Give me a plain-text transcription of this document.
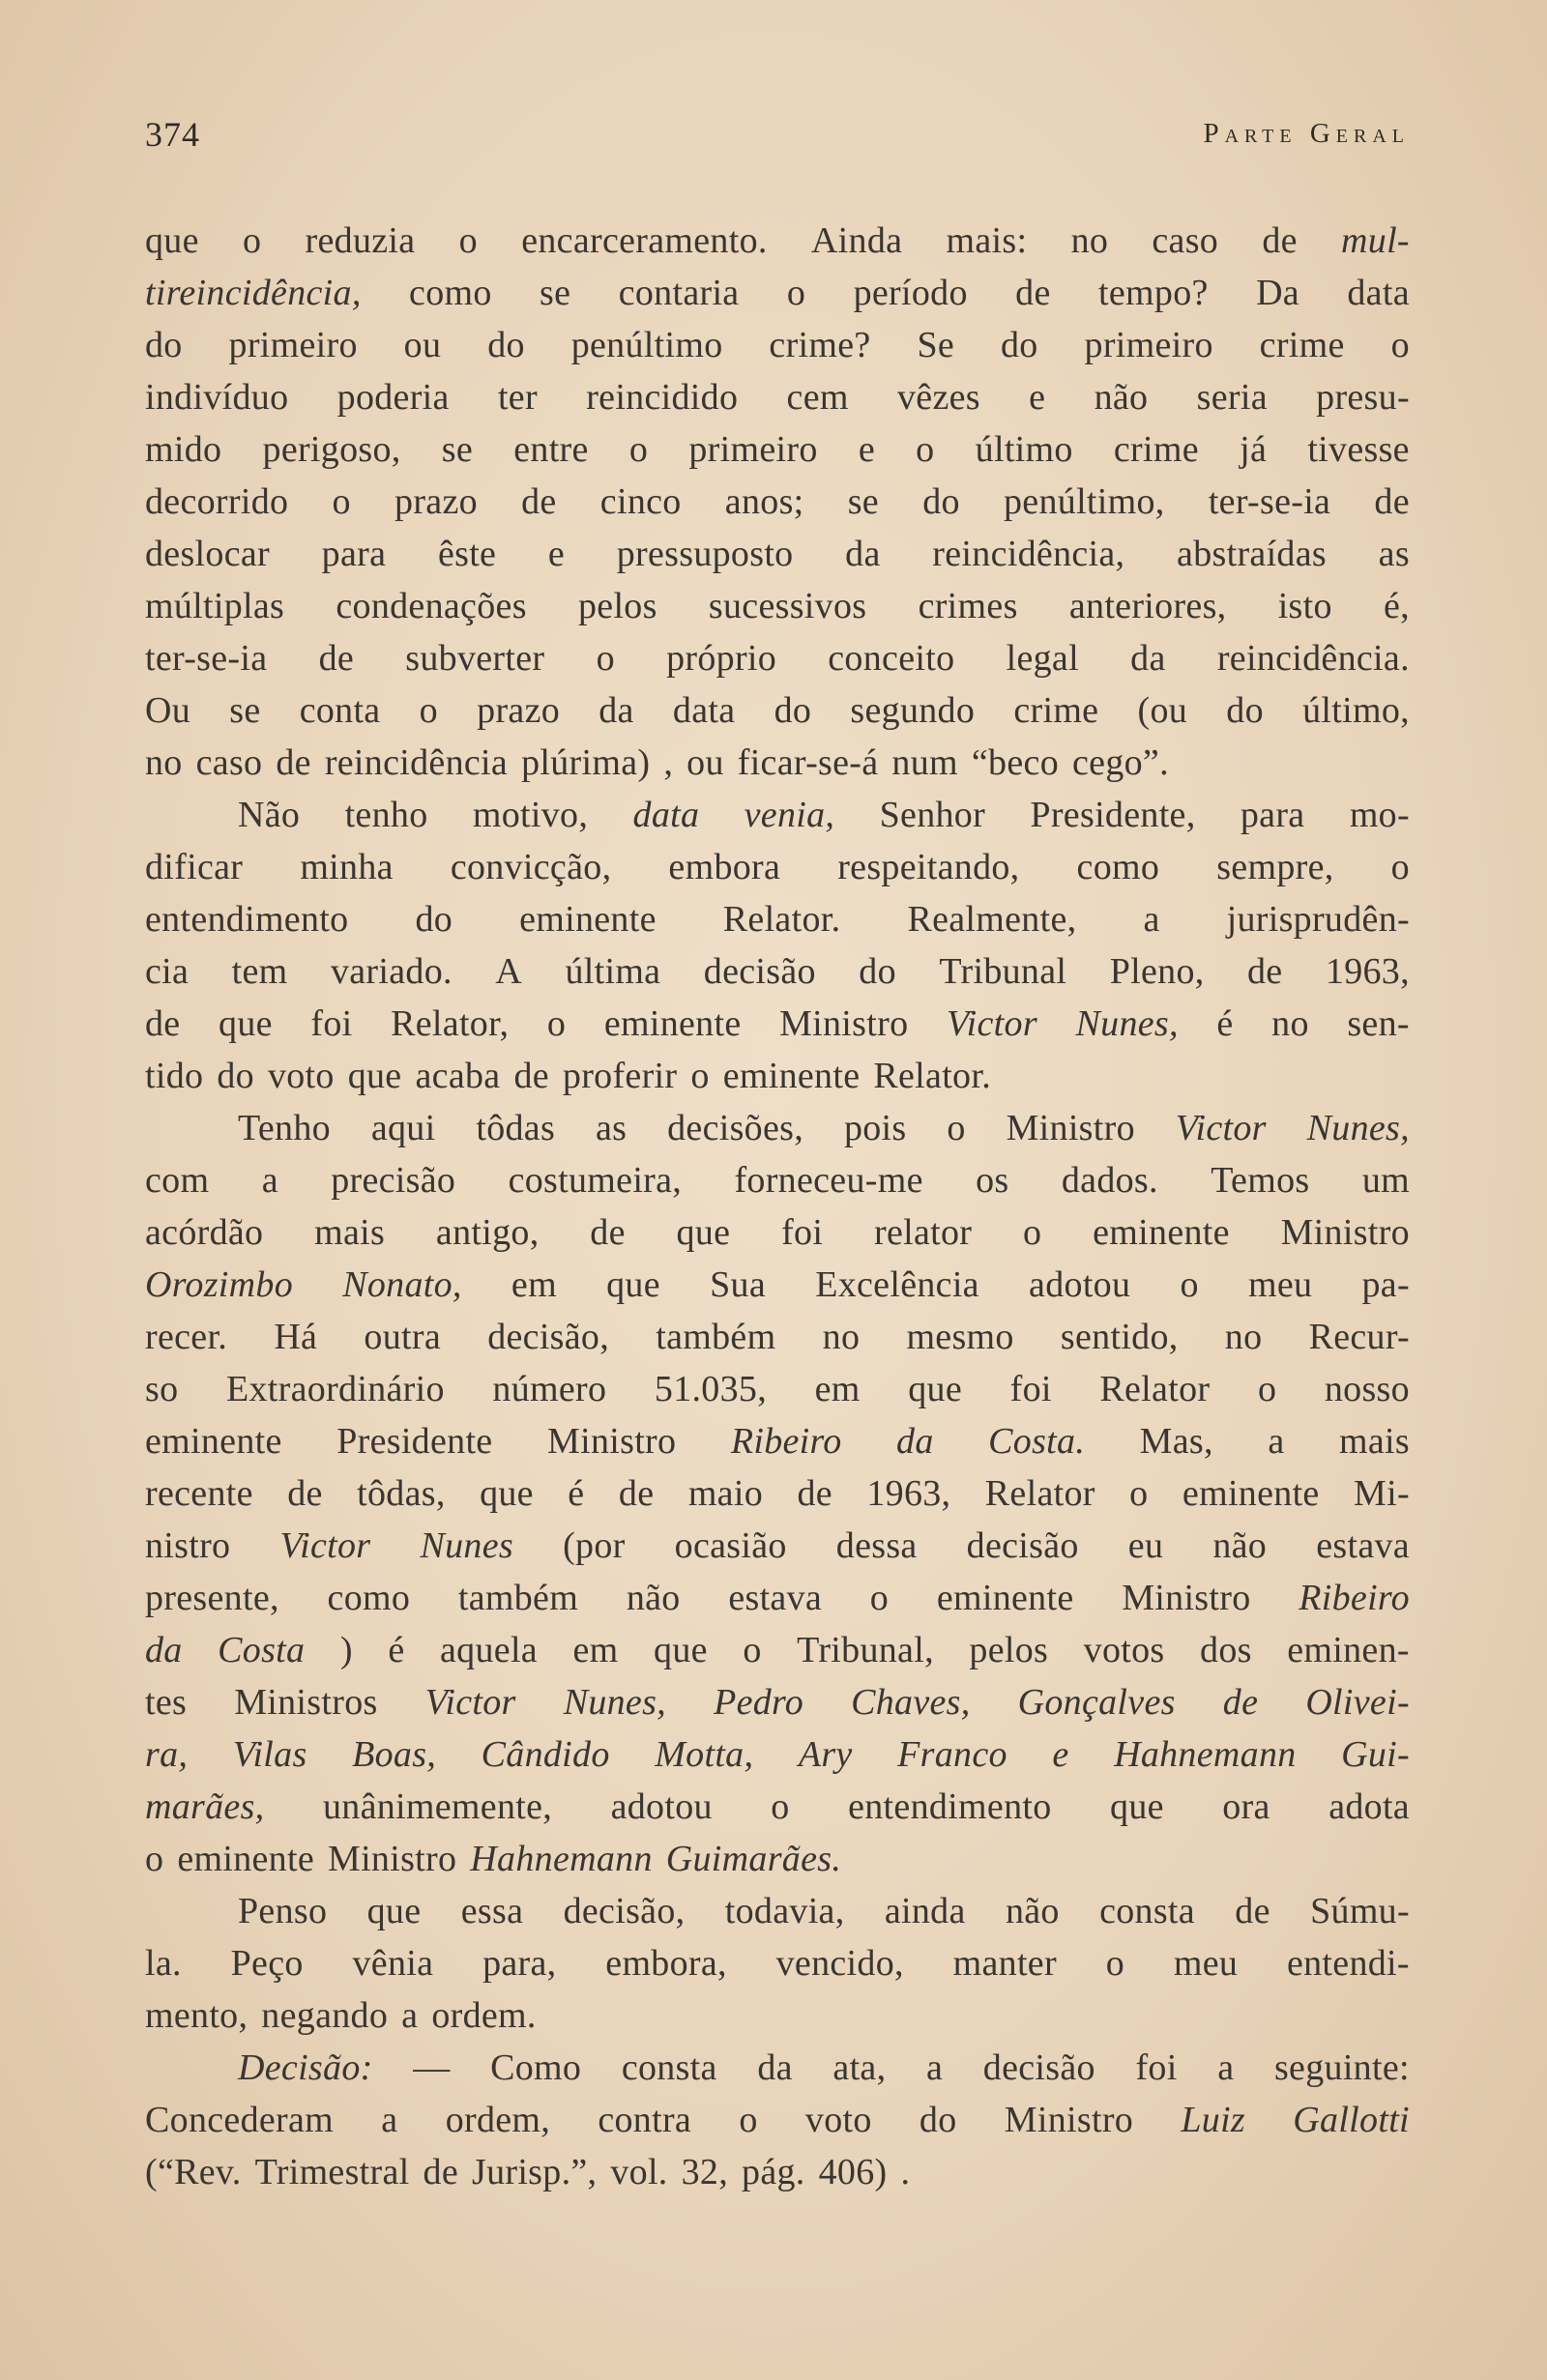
374	Parte Geral
que o reduzia o encarceramento. Ainda mais: no caso de mul-
tireincidência, como se contaria o período de tempo? Da data
do primeiro ou do penúltimo crime? Se do primeiro crime o
indivíduo poderia ter reincidido cem vêzes e não seria presu-
mido perigoso, se entre o primeiro e o último crime já tivesse
decorrido o prazo de cinco anos; se do penúltimo, ter-se-ia de
deslocar para êste e pressuposto da reincidência, abstraídas as
múltiplas condenações pelos sucessivos crimes anteriores, isto é,
ter-se-ia de subverter o próprio conceito legal da reincidência.
Ou se conta o prazo da data do segundo crime (ou do último,
no caso de reincidência plúrima) , ou ficar-se-á num “beco cego”.
Não tenho motivo, data venia, Senhor Presidente, para mo-
dificar minha convicção, embora respeitando, como sempre, o
entendimento do eminente Relator. Realmente, a jurisprudên-
cia tem variado. A última decisão do Tribunal Pleno, de 1963,
de que foi Relator, o eminente Ministro Victor Nunes, é no sen-
tido do voto que acaba de proferir o eminente Relator.
Tenho aqui tôdas as decisões, pois o Ministro Victor Nunes,
com a precisão costumeira, forneceu-me os dados. Temos um
acórdão mais antigo, de que foi relator o eminente Ministro
Orozimbo Nonato, em que Sua Excelência adotou o meu pa-
recer. Há outra decisão, também no mesmo sentido, no Recur-
so Extraordinário número 51.035, em que foi Relator o nosso
eminente Presidente Ministro Ribeiro da Costa. Mas, a mais
recente de tôdas, que é de maio de 1963, Relator o eminente Mi-
nistro Victor Nunes (por ocasião dessa decisão eu não estava
presente, como também não estava o eminente Ministro Ribeiro
da Costa ) é aquela em que o Tribunal, pelos votos dos eminen-
tes Ministros Victor Nunes, Pedro Chaves, Gonçalves de Olivei-
ra, Vilas Boas, Cândido Motta, Ary Franco e Hahnemann Gui-
marães, unânimemente, adotou o entendimento que ora adota
o eminente Ministro Hahnemann Guimarães.
Penso que essa decisão, todavia, ainda não consta de Súmu-
la. Peço vênia para, embora, vencido, manter o meu entendi-
mento, negando a ordem.
Decisão: — Como consta da ata, a decisão foi a seguinte:
Concederam a ordem, contra o voto do Ministro Luiz Gallotti
(“Rev. Trimestral de Jurisp.”, vol. 32, pág. 406) .
